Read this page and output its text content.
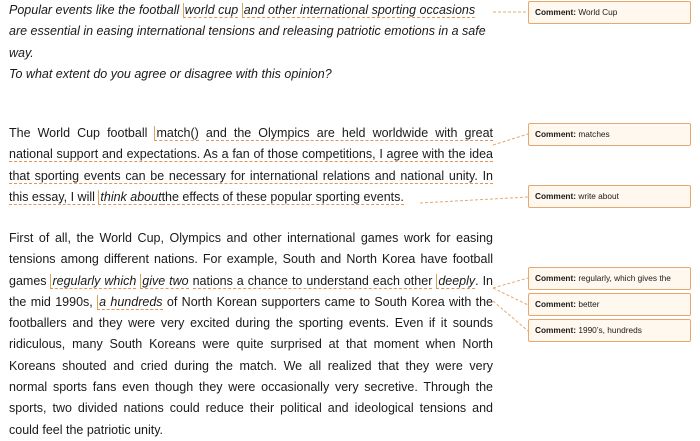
Popular events like the football world cup and other international sporting occasions are essential in easing international tensions and releasing patriotic emotions in a safe way.
To what extent do you agree or disagree with this opinion?

The World Cup football match() and the Olympics are held worldwide with great national support and expectations. As a fan of those competitions, I agree with the idea that sporting events can be necessary for international relations and national unity. In this essay, I will think aboutthe effects of these popular sporting events.

First of all, the World Cup, Olympics and other international games work for easing tensions among different nations. For example, South and North Korea have football games regularly which give two nations a chance to understand each other deeply. In the mid 1990s, a hundreds of North Korean supporters came to South Korea with the footballers and they were very excited during the sporting events. Even if it sounds ridiculous, many South Koreans were quite surprised at that moment when North Koreans shouted and cried during the match. We all realized that they were very normal sports fans even though they were occasionally very secretive. Through the sports, two divided nations could reduce their political and ideological tensions and could feel the patriotic unity.

Comment: World Cup
Comment: matches
Comment: write about
Comment: regularly, which gives the
Comment: better
Comment: 1990’s, hundreds
